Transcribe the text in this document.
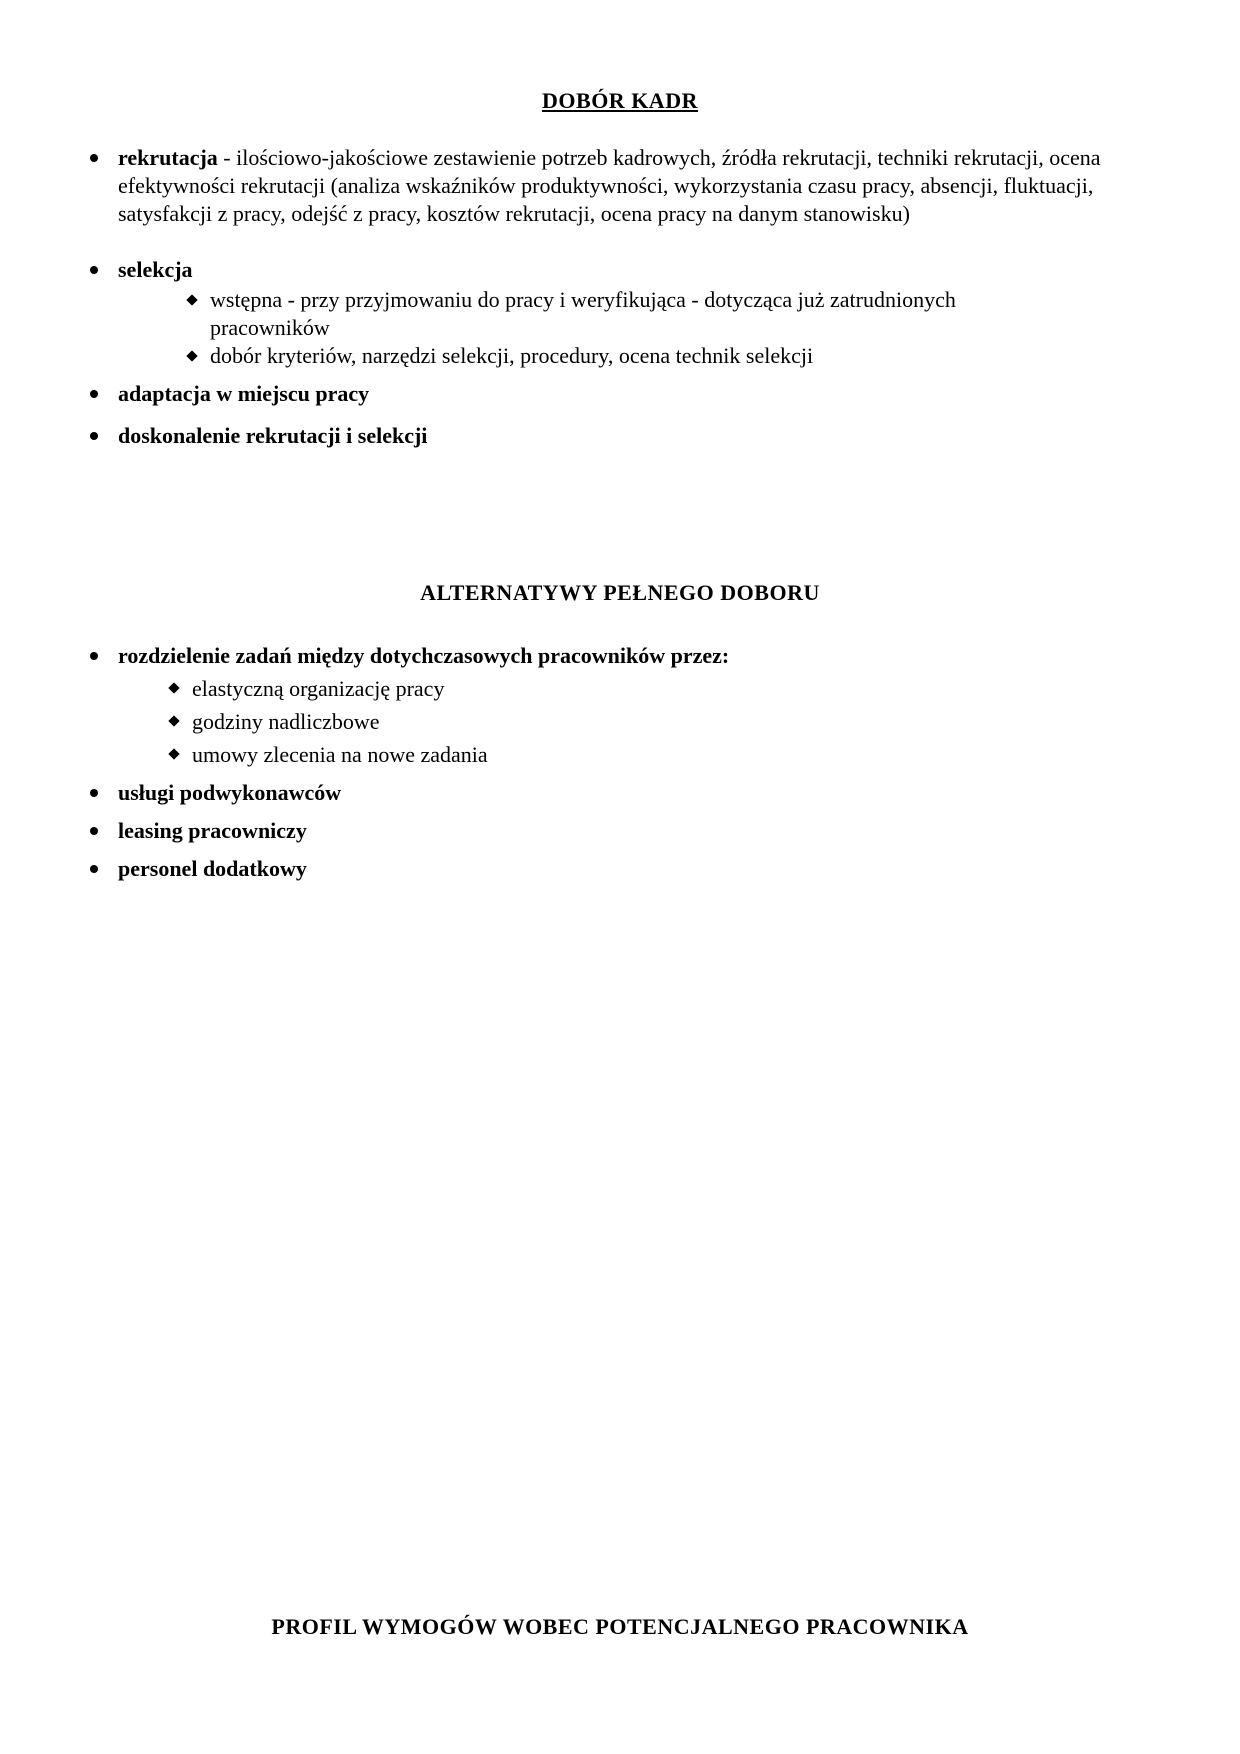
DOBÓR KADR
rekrutacja - ilościowo-jakościowe zestawienie potrzeb kadrowych, źródła rekrutacji, techniki rekrutacji, ocena efektywności rekrutacji (analiza wskaźników produktywności, wykorzystania czasu pracy, absencji, fluktuacji, satysfakcji z pracy, odejść z pracy, kosztów rekrutacji, ocena pracy na danym stanowisku)
selekcja
wstępna - przy przyjmowaniu do pracy i weryfikująca - dotycząca już zatrudnionych pracowników
dobór kryteriów, narzędzi selekcji, procedury, ocena technik selekcji
adaptacja w miejscu pracy
doskonalenie rekrutacji i selekcji
ALTERNATYWY PEŁNEGO DOBORU
rozdzielenie zadań między dotychczasowych pracowników przez:
elastyczną organizację pracy
godziny nadliczbowe
umowy zlecenia na nowe zadania
usługi podwykonawców
leasing pracowniczy
personel dodatkowy
PROFIL WYMOGÓW WOBEC POTENCJALNEGO PRACOWNIKA
